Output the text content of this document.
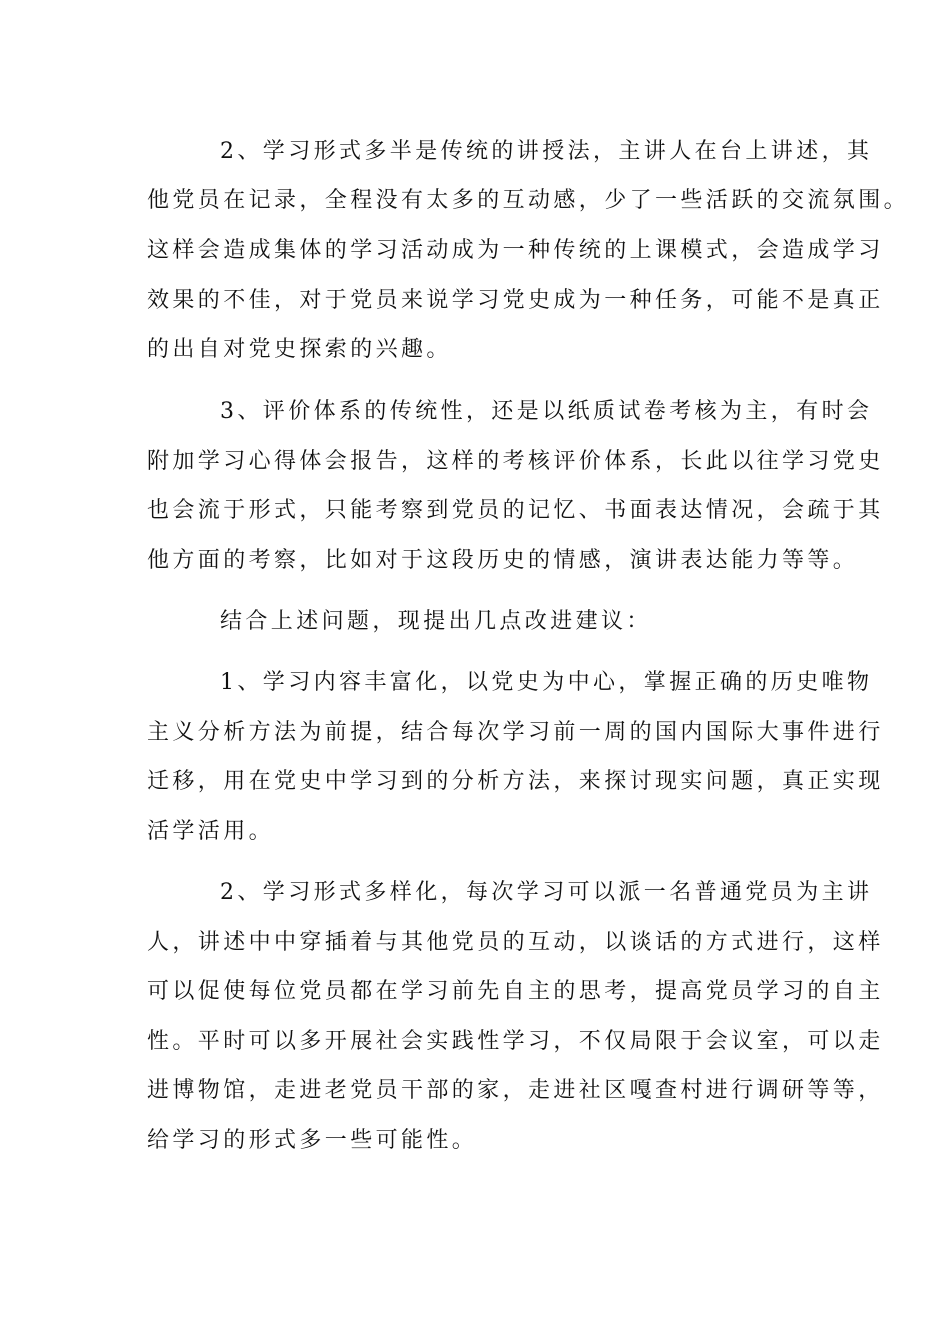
2、学习形式多半是传统的讲授法，主讲人在台上讲述，其
他党员在记录，全程没有太多的互动感，少了一些活跃的交流氛围。
这样会造成集体的学习活动成为一种传统的上课模式，会造成学习
效果的不佳，对于党员来说学习党史成为一种任务，可能不是真正
的出自对党史探索的兴趣。
3、评价体系的传统性，还是以纸质试卷考核为主，有时会
附加学习心得体会报告，这样的考核评价体系，长此以往学习党史
也会流于形式，只能考察到党员的记忆、书面表达情况，会疏于其
他方面的考察，比如对于这段历史的情感，演讲表达能力等等。
结合上述问题，现提出几点改进建议：
1、学习内容丰富化，以党史为中心，掌握正确的历史唯物
主义分析方法为前提，结合每次学习前一周的国内国际大事件进行
迁移，用在党史中学习到的分析方法，来探讨现实问题，真正实现
活学活用。
2、学习形式多样化，每次学习可以派一名普通党员为主讲
人，讲述中中穿插着与其他党员的互动，以谈话的方式进行，这样
可以促使每位党员都在学习前先自主的思考，提高党员学习的自主
性。平时可以多开展社会实践性学习，不仅局限于会议室，可以走
进博物馆，走进老党员干部的家，走进社区嘎查村进行调研等等，
给学习的形式多一些可能性。
